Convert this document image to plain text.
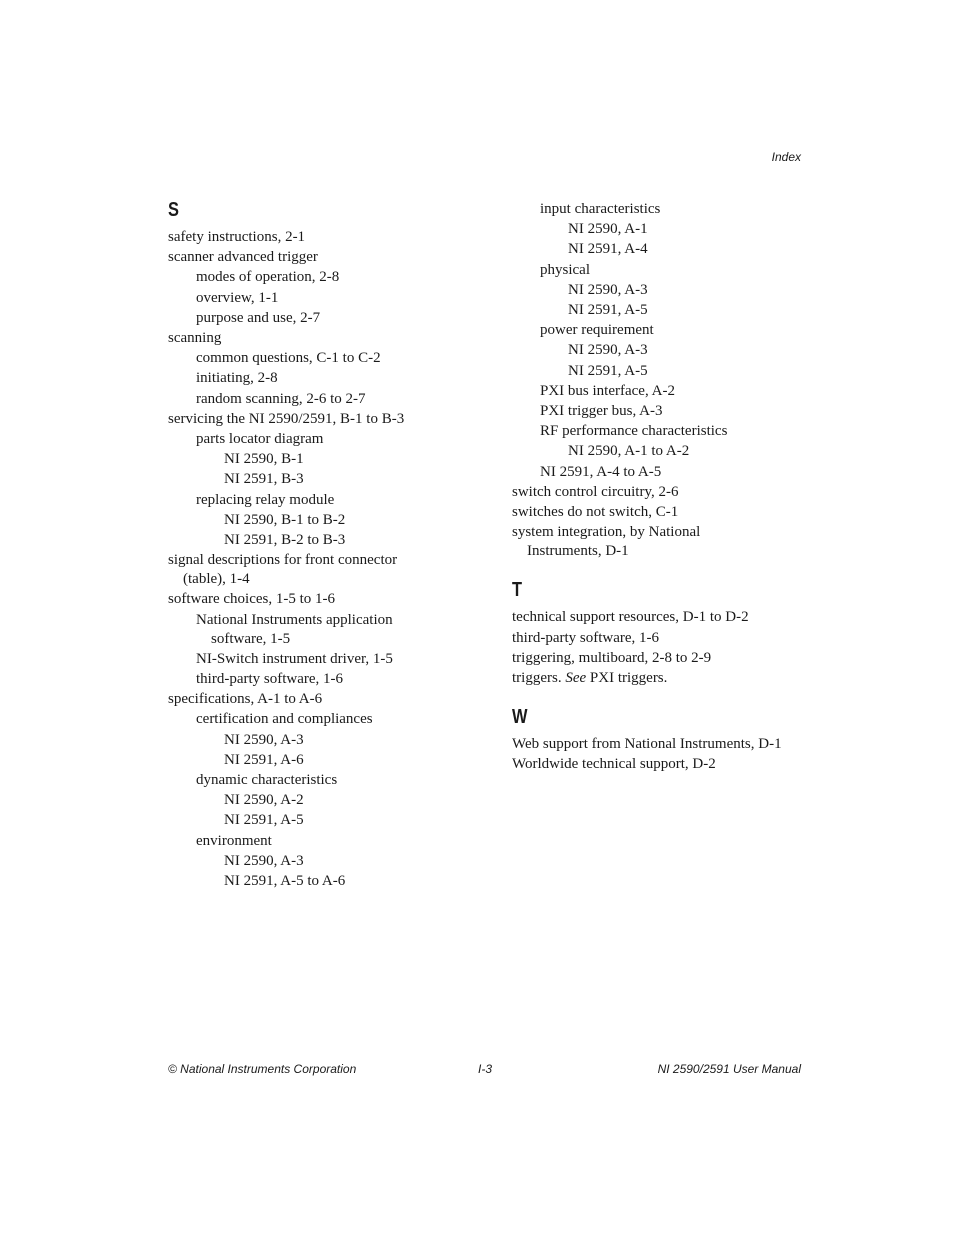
Index
S
safety instructions, 2-1
scanner advanced trigger
modes of operation, 2-8
overview, 1-1
purpose and use, 2-7
scanning
common questions, C-1 to C-2
initiating, 2-8
random scanning, 2-6 to 2-7
servicing the NI 2590/2591, B-1 to B-3
parts locator diagram
NI 2590, B-1
NI 2591, B-3
replacing relay module
NI 2590, B-1 to B-2
NI 2591, B-2 to B-3
signal descriptions for front connector
(table), 1-4
software choices, 1-5 to 1-6
National Instruments application
software, 1-5
NI-Switch instrument driver, 1-5
third-party software, 1-6
specifications, A-1 to A-6
certification and compliances
NI 2590, A-3
NI 2591, A-6
dynamic characteristics
NI 2590, A-2
NI 2591, A-5
environment
NI 2590, A-3
NI 2591, A-5 to A-6
input characteristics
NI 2590, A-1
NI 2591, A-4
physical
NI 2590, A-3
NI 2591, A-5
power requirement
NI 2590, A-3
NI 2591, A-5
PXI bus interface, A-2
PXI trigger bus, A-3
RF performance characteristics
NI 2590, A-1 to A-2
NI 2591, A-4 to A-5
switch control circuitry, 2-6
switches do not switch, C-1
system integration, by National
Instruments, D-1
T
technical support resources, D-1 to D-2
third-party software, 1-6
triggering, multiboard, 2-8 to 2-9
triggers. See PXI triggers.
W
Web support from National Instruments, D-1
Worldwide technical support, D-2
© National Instruments Corporation	I-3	NI 2590/2591 User Manual
